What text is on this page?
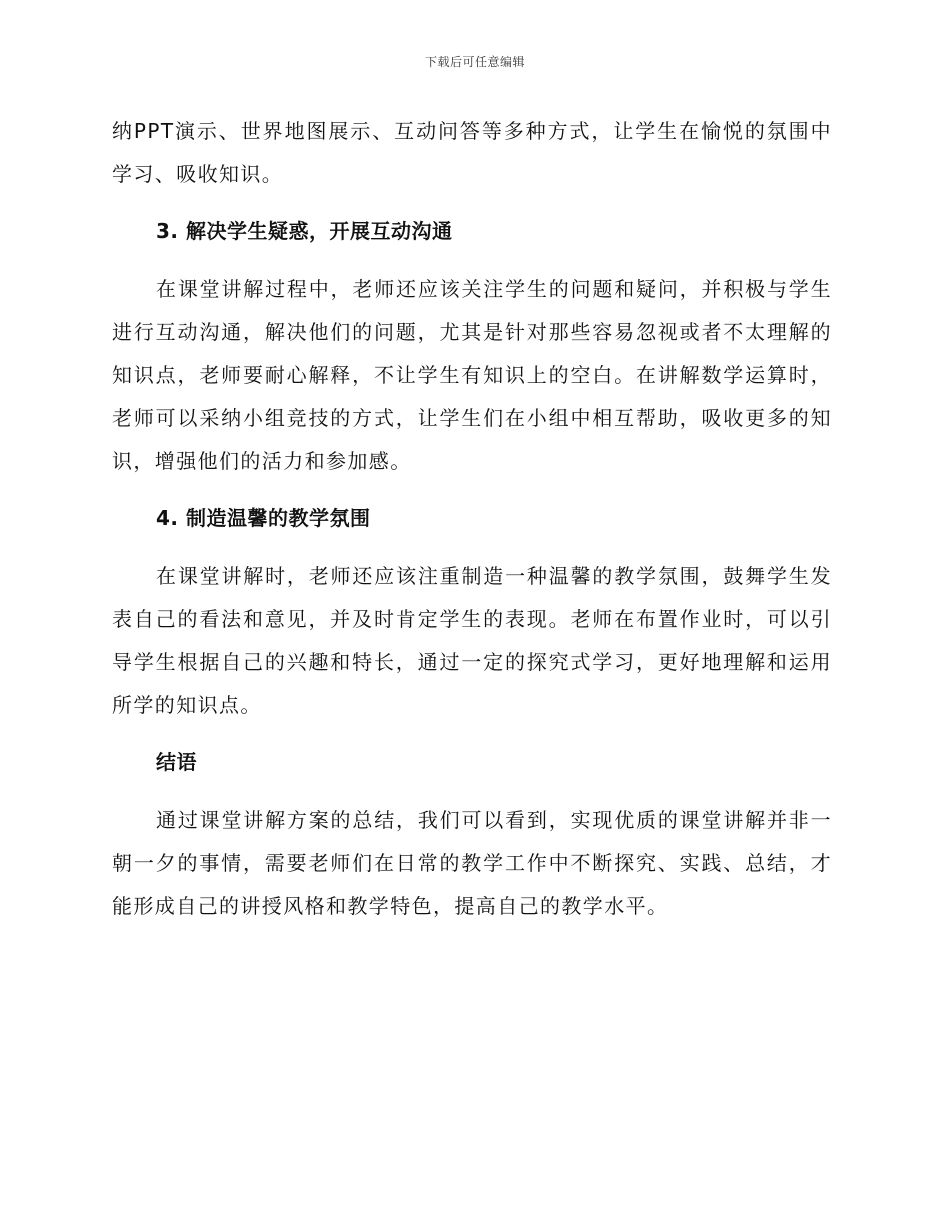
下载后可任意编辑

纳PPT演示、世界地图展示、互动问答等多种方式，让学生在愉悦的氛围中学习、吸收知识。

3. 解决学生疑惑，开展互动沟通

在课堂讲解过程中，老师还应该关注学生的问题和疑问，并积极与学生进行互动沟通，解决他们的问题，尤其是针对那些容易忽视或者不太理解的知识点，老师要耐心解释，不让学生有知识上的空白。在讲解数学运算时，老师可以采纳小组竞技的方式，让学生们在小组中相互帮助，吸收更多的知识，增强他们的活力和参加感。

4. 制造温馨的教学氛围

在课堂讲解时，老师还应该注重制造一种温馨的教学氛围，鼓舞学生发表自己的看法和意见，并及时肯定学生的表现。老师在布置作业时，可以引导学生根据自己的兴趣和特长，通过一定的探究式学习，更好地理解和运用所学的知识点。

结语

通过课堂讲解方案的总结，我们可以看到，实现优质的课堂讲解并非一朝一夕的事情，需要老师们在日常的教学工作中不断探究、实践、总结，才能形成自己的讲授风格和教学特色，提高自己的教学水平。
